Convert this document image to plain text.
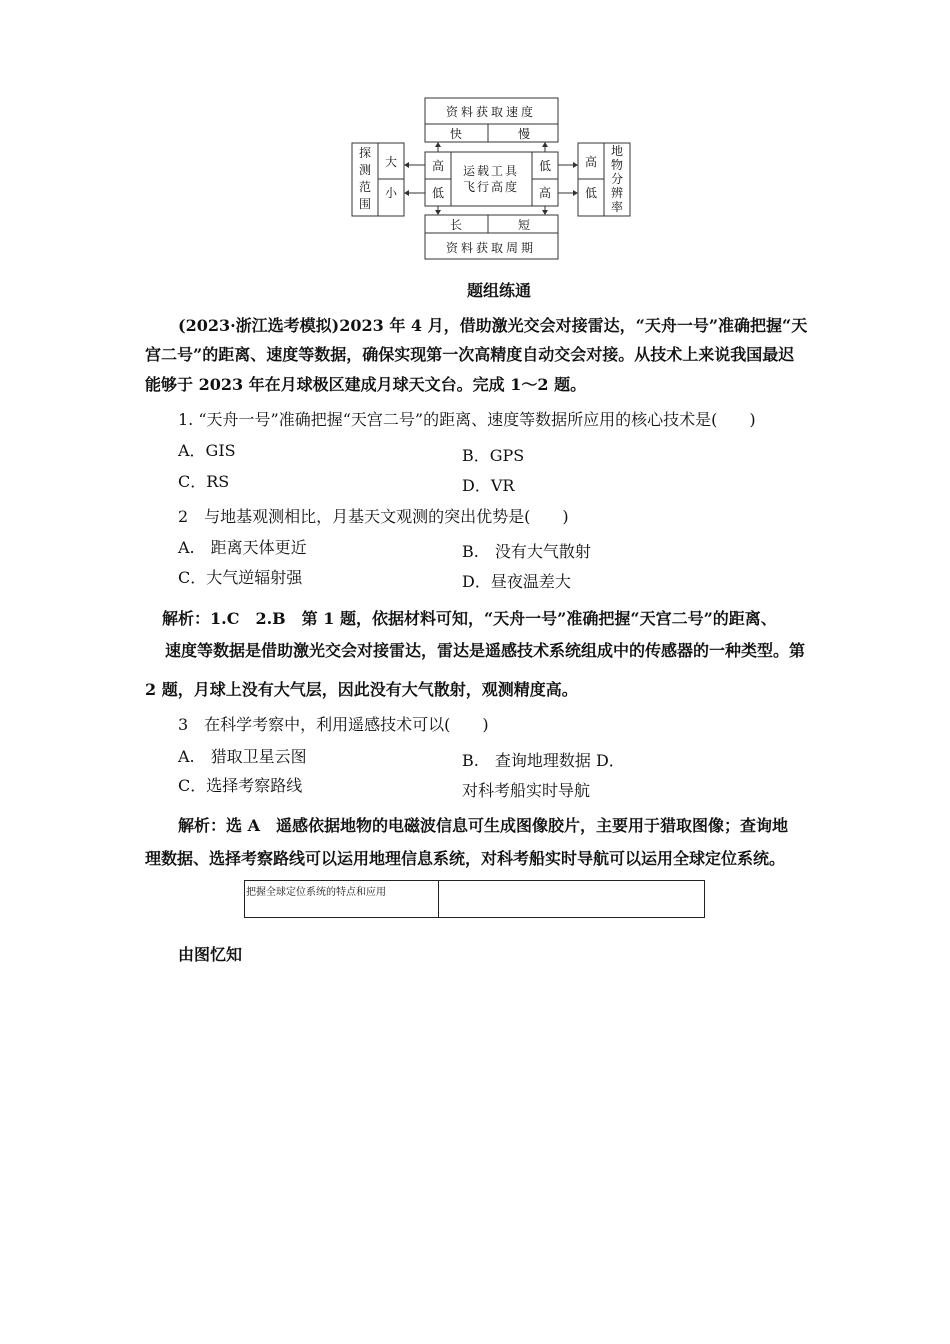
资料获取速度
快	慢
高
低
运载工具
飞行高度
低
高
探测范围
大
小
高
低
地物分辨率
长	短
资料获取周期
题组练通
(2023·浙江选考模拟)2023 年 4 月，借助激光交会对接雷达，“天舟一号”准确把握“天
宫二号”的距离、速度等数据，确保实现第一次高精度自动交会对接。从技术上来说我国最迟
能够于 2023 年在月球极区建成月球天文台。完成 1～2 题。
1. “天舟一号”准确把握“天宫二号”的距离、速度等数据所应用的核心技术是(　　)
A．GIS	B．GPS
C．RS	D．VR
2　与地基观测相比，月基天文观测的突出优势是(　　)
A.　距离天体更近	B.　没有大气散射
C．大气逆辐射强	D．昼夜温差大
解析：1.C　2.B　第 1 题，依据材料可知，“天舟一号”准确把握“天宫二号”的距离、
速度等数据是借助激光交会对接雷达，雷达是遥感技术系统组成中的传感器的一种类型。第
2 题，月球上没有大气层，因此没有大气散射，观测精度高。
3　在科学考察中，利用遥感技术可以(　　)
A.　猎取卫星云图	B.　查询地理数据 D．
C．选择考察路线	对科考船实时导航
解析：选 A　遥感依据地物的电磁波信息可生成图像胶片，主要用于猎取图像；查询地
理数据、选择考察路线可以运用地理信息系统，对科考船实时导航可以运用全球定位系统。
把握全球定位系统的特点和应用
由图忆知
